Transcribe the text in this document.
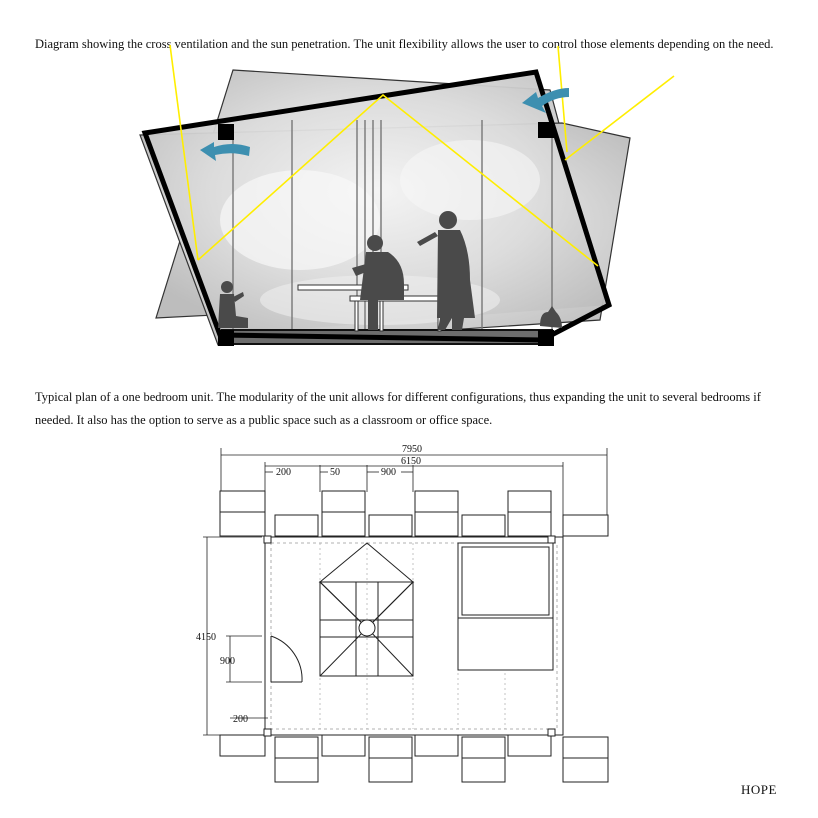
Diagram showing the cross ventilation and the sun penetration. The unit flexibility allows the user to control those elements depending on the need.

Typical plan of a one bedroom unit. The modularity of the unit allows for different configurations, thus expanding the unit to several bedrooms if needed. It also has the option to serve as a public space such as a classroom or office space.

7950
6150
200	50	900
4150
900
200
HOPE
